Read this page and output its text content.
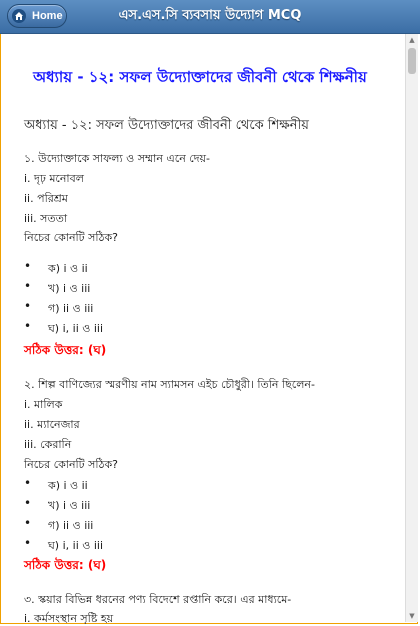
Home	এস.এস.সি ব্যবসায় উদ্যোগ MCQ
▲
▼
অধ্যায় - ১২: সফল উদ্যোক্তাদের জীবনী থেকে শিক্ষনীয়
অধ্যায় - ১২: সফল উদ্যোক্তাদের জীবনী থেকে শিক্ষনীয়
১. উদ্যোক্তাকে সাফল্য ও সম্মান এনে দেয়-
i. দৃঢ় মনোবল
ii. পরিশ্রম
iii. সততা
নিচের কোনটি সঠিক?
• ক) i ও ii
• খ) i ও iii
• গ) ii ও iii
• ঘ) i, ii ও iii
সঠিক উত্তর: (ঘ)
২. শিল্প বাণিজ্যের স্মরণীয় নাম স্যামসন এইচ চৌধুরী। তিনি ছিলেন-
i. মালিক
ii. ম্যানেজার
iii. কেরানি
নিচের কোনটি সঠিক?
• ক) i ও ii
• খ) i ও iii
• গ) ii ও iii
• ঘ) i, ii ও iii
সঠিক উত্তর: (ঘ)
৩. স্কয়ার বিভিন্ন ধরনের পণ্য বিদেশে রপ্তানি করে। এর মাধ্যমে-
i. কর্মসংস্থান সৃষ্টি হয়
